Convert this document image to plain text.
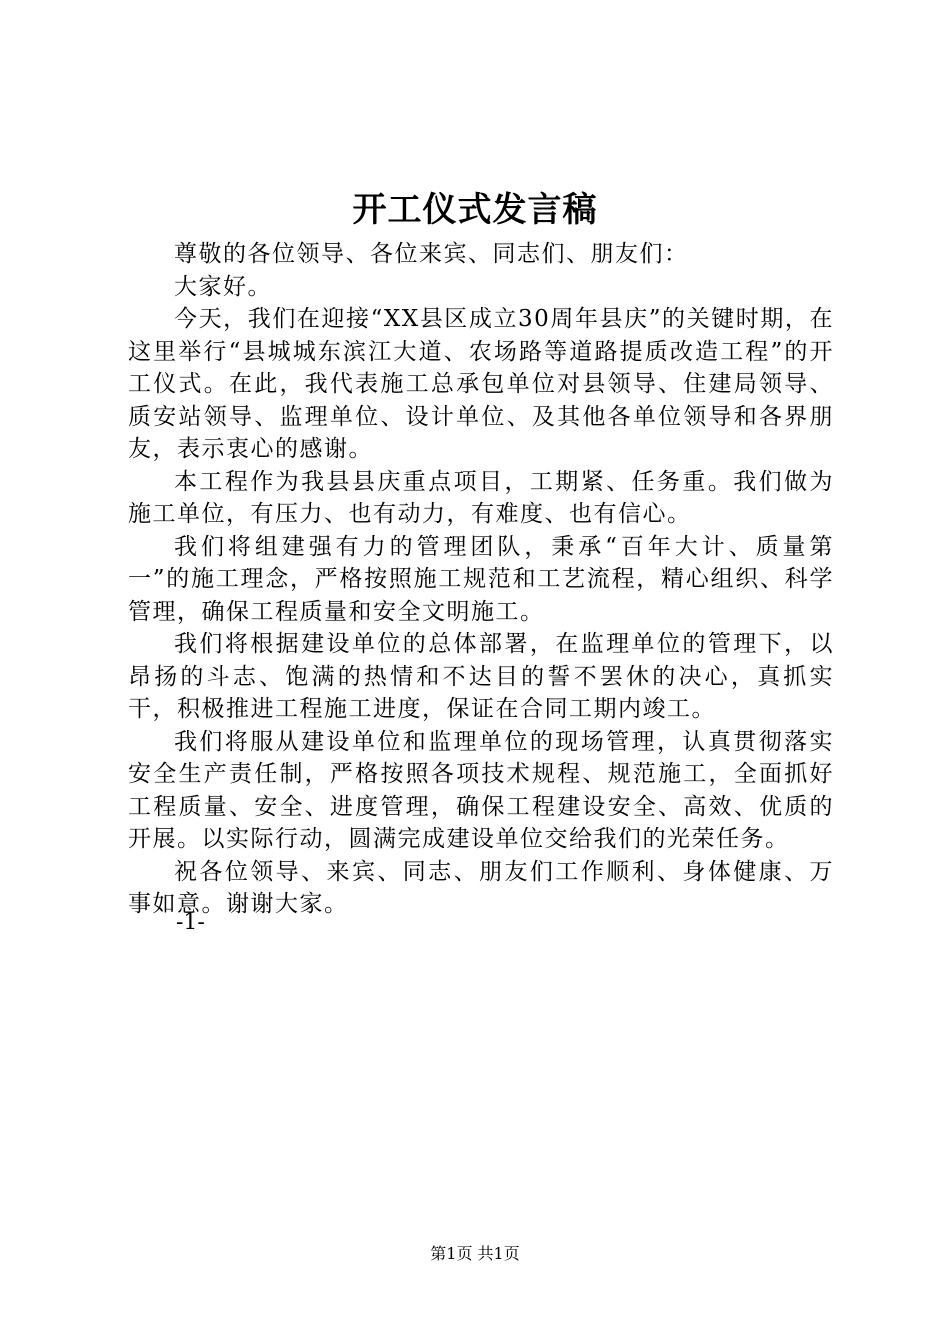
开工仪式发言稿

尊敬的各位领导、各位来宾、同志们、朋友们：

大家好。

今天，我们在迎接“XX县区成立30周年县庆”的关键时期，在这里举行“县城城东滨江大道、农场路等道路提质改造工程”的开工仪式。在此，我代表施工总承包单位对县领导、住建局领导、质安站领导、监理单位、设计单位、及其他各单位领导和各界朋友，表示衷心的感谢。

本工程作为我县县庆重点项目，工期紧、任务重。我们做为施工单位，有压力、也有动力，有难度、也有信心。

我们将组建强有力的管理团队，秉承“百年大计、质量第一”的施工理念，严格按照施工规范和工艺流程，精心组织、科学管理，确保工程质量和安全文明施工。

我们将根据建设单位的总体部署，在监理单位的管理下，以昂扬的斗志、饱满的热情和不达目的誓不罢休的决心，真抓实干，积极推进工程施工进度，保证在合同工期内竣工。

我们将服从建设单位和监理单位的现场管理，认真贯彻落实安全生产责任制，严格按照各项技术规程、规范施工，全面抓好工程质量、安全、进度管理，确保工程建设安全、高效、优质的开展。以实际行动，圆满完成建设单位交给我们的光荣任务。

祝各位领导、来宾、同志、朋友们工作顺利、身体健康、万事如意。谢谢大家。

-1-
第1页 共1页
